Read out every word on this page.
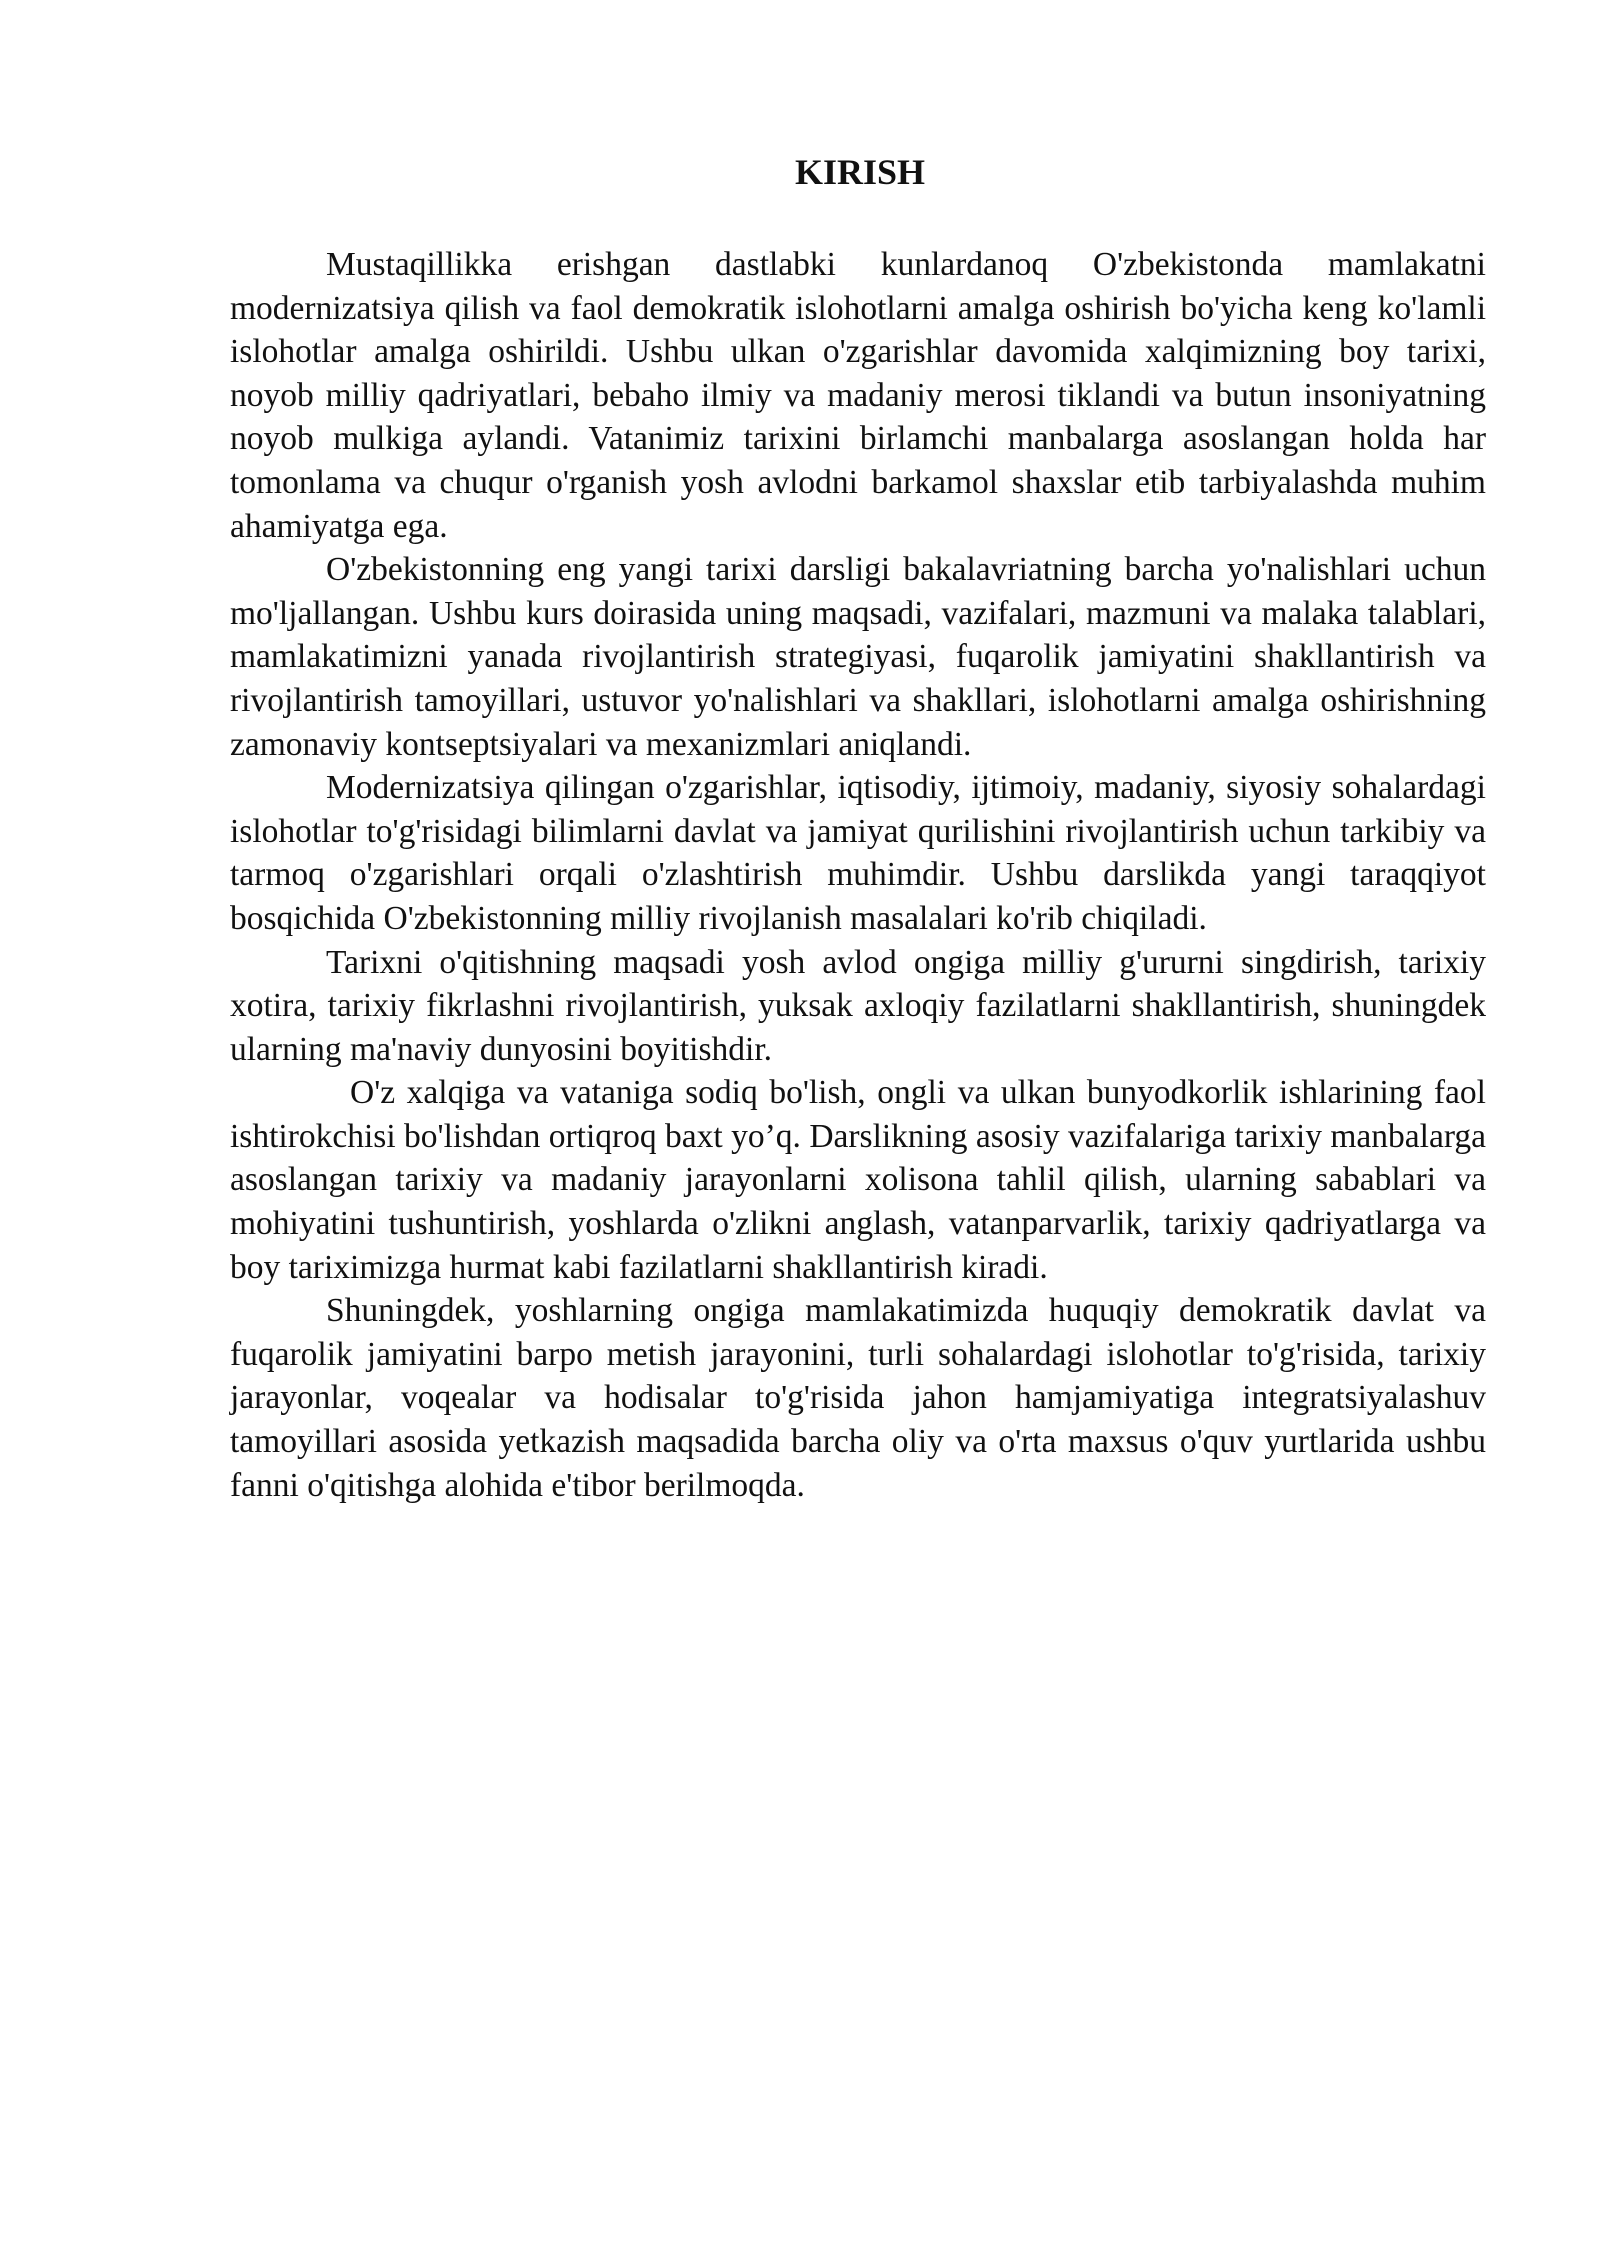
KIRISH

Mustaqillikka erishgan dastlabki kunlardanoq O'zbekistonda mamlakatni modernizatsiya qilish va faol demokratik islohotlarni amalga oshirish bo'yicha keng ko'lamli islohotlar amalga oshirildi. Ushbu ulkan o'zgarishlar davomida xalqimizning boy tarixi, noyob milliy qadriyatlari, bebaho ilmiy va madaniy merosi tiklandi va butun insoniyatning noyob mulkiga aylandi. Vatanimiz tarixini birlamchi manbalarga asoslangan holda har tomonlama va chuqur o'rganish yosh avlodni barkamol shaxslar etib tarbiyalashda muhim ahamiyatga ega.

O'zbekistonning eng yangi tarixi darsligi bakalavriatning barcha yo'nalishlari uchun mo'ljallangan. Ushbu kurs doirasida uning maqsadi, vazifalari, mazmuni va malaka talablari, mamlakatimizni yanada rivojlantirish strategiyasi, fuqarolik jamiyatini shakllantirish va rivojlantirish tamoyillari, ustuvor yo'nalishlari va shakllari, islohotlarni amalga oshirishning zamonaviy kontseptsiyalari va mexanizmlari aniqlandi.

Modernizatsiya qilingan o'zgarishlar, iqtisodiy, ijtimoiy, madaniy, siyosiy sohalardagi islohotlar to'g'risidagi bilimlarni davlat va jamiyat qurilishini rivojlantirish uchun tarkibiy va tarmoq o'zgarishlari orqali o'zlashtirish muhimdir. Ushbu darslikda yangi taraqqiyot bosqichida O'zbekistonning milliy rivojlanish masalalari ko'rib chiqiladi.

Tarixni o'qitishning maqsadi yosh avlod ongiga milliy g'ururni singdirish, tarixiy xotira, tarixiy fikrlashni rivojlantirish, yuksak axloqiy fazilatlarni shakllantirish, shuningdek ularning ma'naviy dunyosini boyitishdir.

O'z xalqiga va vataniga sodiq bo'lish, ongli va ulkan bunyodkorlik ishlarining faol ishtirokchisi bo'lishdan ortiqroq baxt yo’q. Darslikning asosiy vazifalariga tarixiy manbalarga asoslangan tarixiy va madaniy jarayonlarni xolisona tahlil qilish, ularning sabablari va mohiyatini tushuntirish, yoshlarda o'zlikni anglash, vatanparvarlik, tarixiy qadriyatlarga va boy tariximizga hurmat kabi fazilatlarni shakllantirish kiradi.

Shuningdek, yoshlarning ongiga mamlakatimizda huquqiy demokratik davlat va fuqarolik jamiyatini barpo metish jarayonini, turli sohalardagi islohotlar to'g'risida, tarixiy jarayonlar, voqealar va hodisalar to'g'risida jahon hamjamiyatiga integratsiyalashuv tamoyillari asosida yetkazish maqsadida barcha oliy va o'rta maxsus o'quv yurtlarida ushbu fanni o'qitishga alohida e'tibor berilmoqda.
